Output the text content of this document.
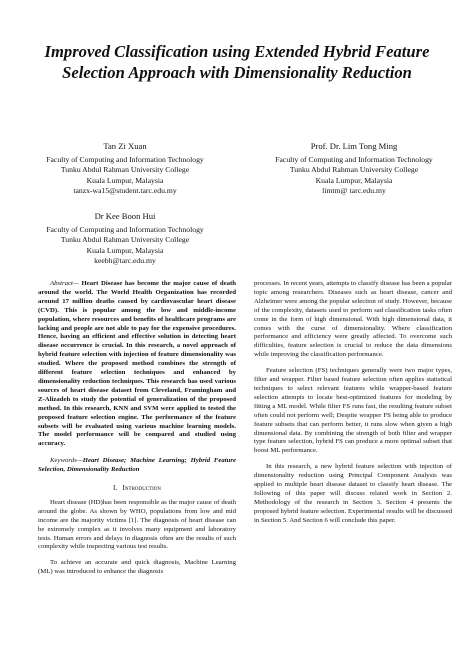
Improved Classification using Extended Hybrid Feature Selection Approach with Dimensionality Reduction
Tan Zi Xuan
Faculty of Computing and Information Technology
Tunku Abdul Rahman University College
Kuala Lumpur, Malaysia
tanzx-wa15@student.tarc.edu.my
Prof. Dr. Lim Tong Ming
Faculty of Computing and Information Technology
Tunku Abdul Rahman University College
Kuala Lumpur, Malaysia
limtm@ tarc.edu.my
Dr Kee Boon Hui
Faculty of Computing and Information Technology
Tunku Abdul Rahman University College
Kuala Lumpur, Malaysia
keebh@tarc.edu.my

Abstract— Heart Disease has become the major cause of death around the world. The World Health Organization has recorded around 17 million deaths caused by cardiovascular heart disease (CVD). This is popular among the low and middle-income population, where resources and benefits of healthcare programs are lacking and people are not able to pay for the expensive procedures. Hence, having an efficient and effective solution in detecting heart disease occurrence is crucial. In this research, a novel approach of hybrid feature selection with injection of feature dimensionality was studied. Where the proposed method combines the strength of different feature selection techniques and enhanced by dimensionality reduction techniques. This research has used various sources of heart disease dataset from Cleveland, Framingham and Z-Alizadeh to study the potential of generalization of the proposed method. In this research, KNN and SVM were applied to tested the proposed feature selection engine. The performance of the feature subsets will be evaluated using various machine learning models. The model performance will be compared and studied using accuracy.

Keywords—Heart Disease; Machine Learning; Hybrid Feature Selection, Dimensionality Reduction

I. Introduction

Heart disease (HD)has been responsible as the major cause of death around the globe. As shown by WHO, populations from low and mid income are the majority victims [1]. The diagnosis of heart disease can be extremely complex as it involves many equipment and laboratory tests. Human errors and delays in diagnosis often are the results of such complexity while inspecting various test results.

To achieve an accurate and quick diagnosis, Machine Learning (ML) was introduced to enhance the diagnosis

processes. In recent years, attempts to classify disease has been a popular topic among researchers. Diseases such as heart disease, cancer and Alzheimer were among the popular selection of study. However, because of the complexity, datasets used to perform sad classification tasks often come in the form of high dimensional. With high dimensional data, it comes with the curse of dimensionality. Where classification performance and efficiency were greatly affected. To overcome such difficulties, feature selection is crucial to reduce the data dimensions while improving the classification performance.

Feature selection (FS) techniques generally were two major types, filter and wrapper. Filter based feature selection often applies statistical techniques to select relevant features while wrapper-based feature selection attempts to locate best-optimized features for modeling by fitting a ML model. While filter FS runs fast, the resulting feature subset often could not perform well; Despite wrapper FS being able to produce feature subsets that can perform better, it runs slow when given a high dimensional data. By combining the strength of both filter and wrapper type feature selection, hybrid FS can produce a more optimal subset that boost ML performance.

In this research, a new hybrid feature selection with injection of dimensionality reduction using Principal Component Analysis was applied to multiple heart disease dataset to classify heart disease. The following of this paper will discuss related work in Section 2. Methodology of the research in Section 3. Section 4 presents the proposed hybrid feature selection. Experimental results will be discussed in Section 5. And Section 6 will conclude this paper.
